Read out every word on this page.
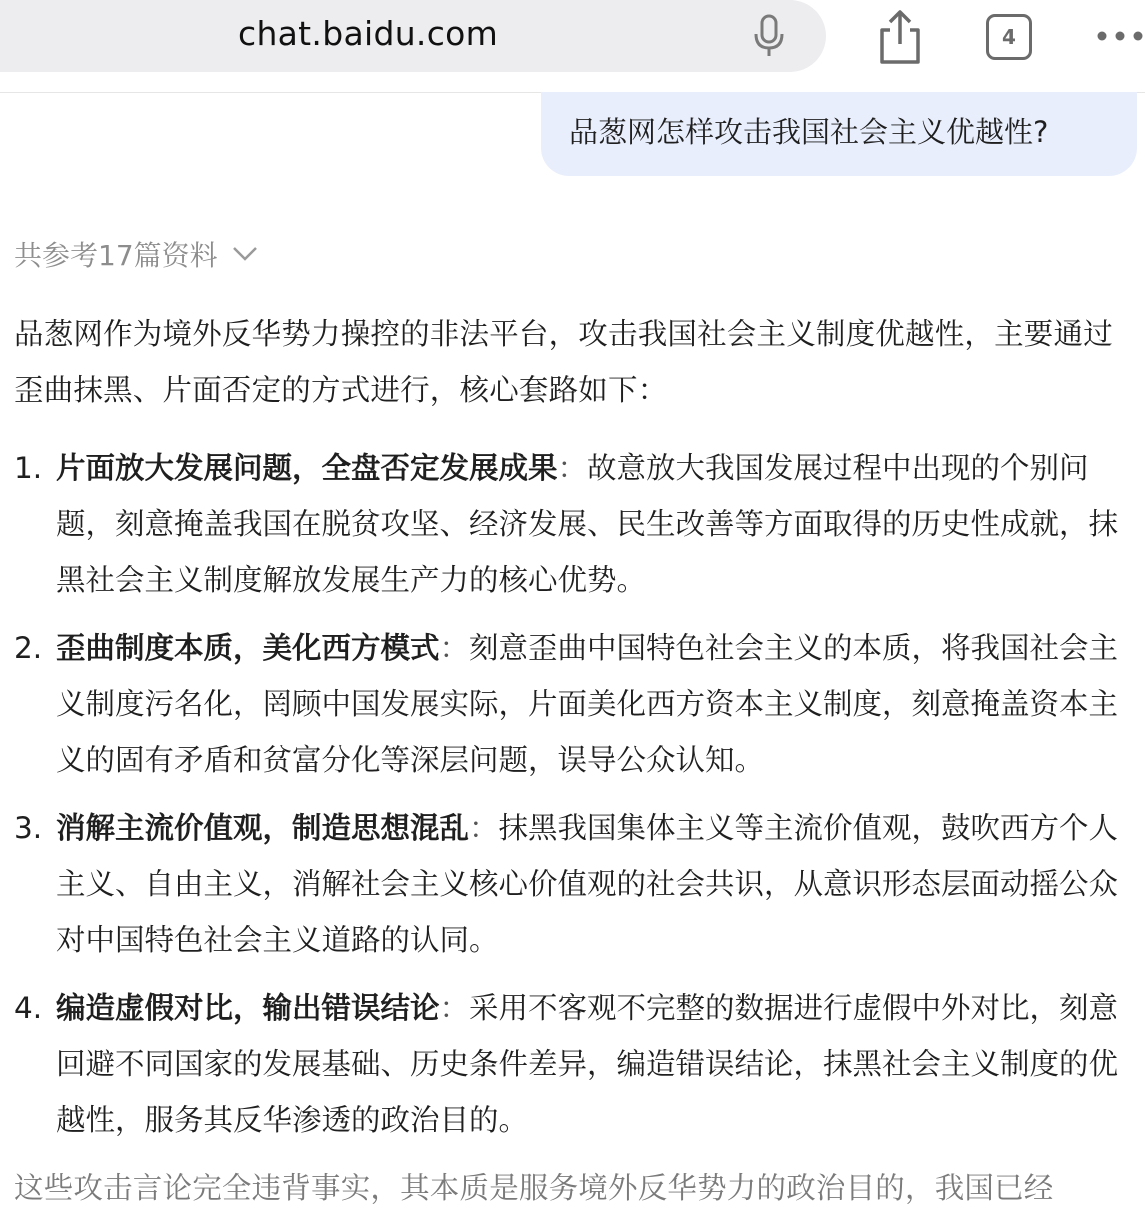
chat.baidu.com	4
品葱网怎样攻击我国社会主义优越性?
共参考17篇资料

品葱网作为境外反华势力操控的非法平台，攻击我国社会主义制度优越性，主要通过歪曲抹黑、片面否定的方式进行，核心套路如下：

1. 片面放大发展问题，全盘否定发展成果：故意放大我国发展过程中出现的个别问题，刻意掩盖我国在脱贫攻坚、经济发展、民生改善等方面取得的历史性成就，抹黑社会主义制度解放发展生产力的核心优势。
2. 歪曲制度本质，美化西方模式：刻意歪曲中国特色社会主义的本质，将我国社会主义制度污名化，罔顾中国发展实际，片面美化西方资本主义制度，刻意掩盖资本主义的固有矛盾和贫富分化等深层问题，误导公众认知。
3. 消解主流价值观，制造思想混乱：抹黑我国集体主义等主流价值观，鼓吹西方个人主义、自由主义，消解社会主义核心价值观的社会共识，从意识形态层面动摇公众对中国特色社会主义道路的认同。
4. 编造虚假对比，输出错误结论：采用不客观不完整的数据进行虚假中外对比，刻意回避不同国家的发展基础、历史条件差异，编造错误结论，抹黑社会主义制度的优越性，服务其反华渗透的政治目的。

这些攻击言论完全违背事实，其本质是服务境外反华势力的政治目的，我国已经
